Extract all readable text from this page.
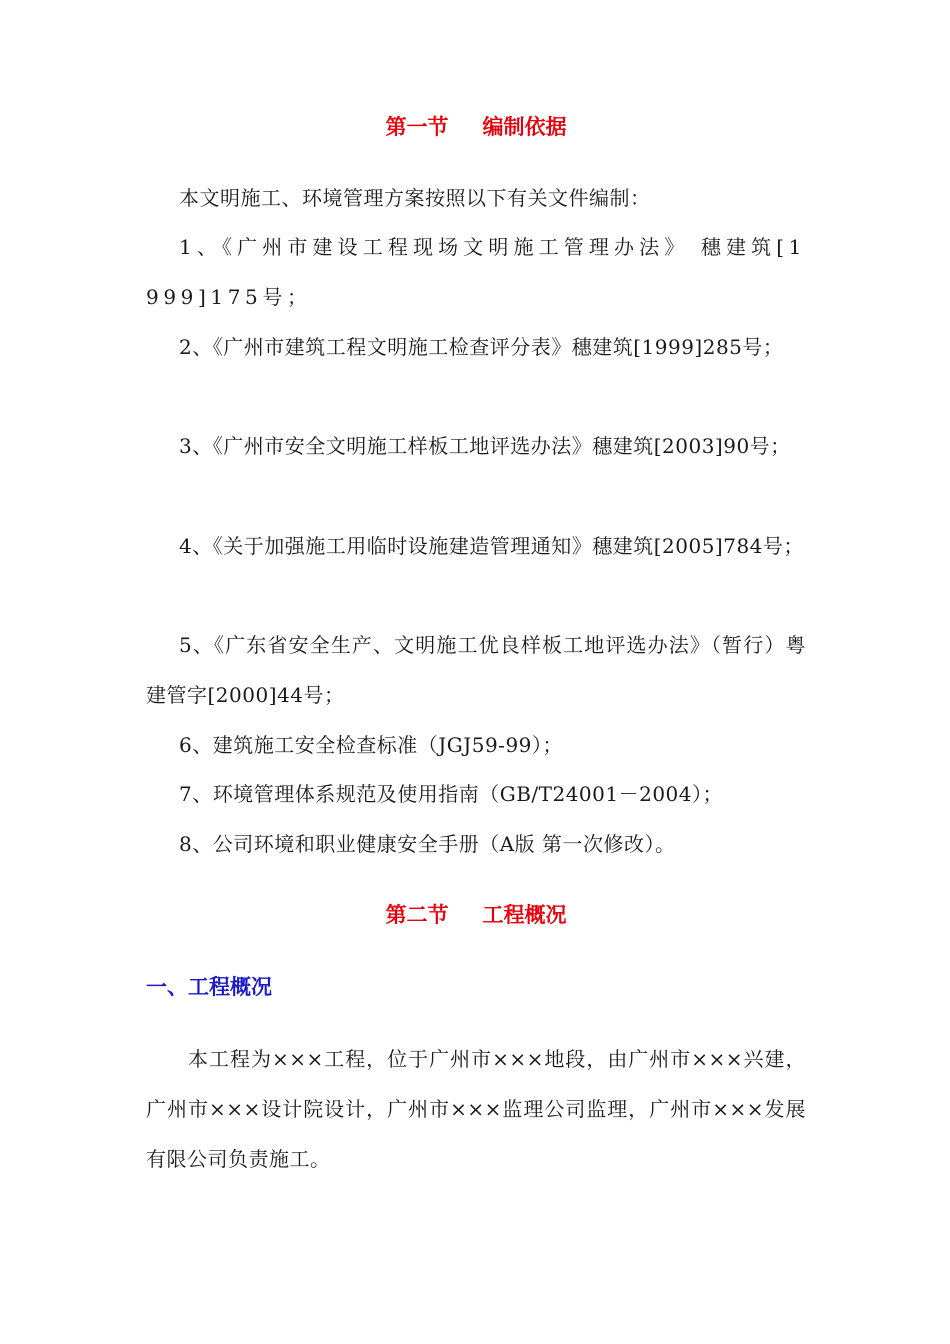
第一节 编制依据
本文明施工、环境管理方案按照以下有关文件编制：
1、《广州市建设工程现场文明施工管理办法》 穗建筑[1999]175号；
2、《广州市建筑工程文明施工检查评分表》穗建筑[1999]285号；
3、《广州市安全文明施工样板工地评选办法》穗建筑[2003]90号；
4、《关于加强施工用临时设施建造管理通知》穗建筑[2005]784号；
5、《广东省安全生产、文明施工优良样板工地评选办法》（暂行）粤建管字[2000]44号；
6、建筑施工安全检查标准（JGJ59-99）；
7、环境管理体系规范及使用指南（GB/T24001－2004）；
8、公司环境和职业健康安全手册（A版 第一次修改）。
第二节 工程概况
一、工程概况
本工程为×××工程，位于广州市×××地段，由广州市×××兴建，广州市×××设计院设计，广州市×××监理公司监理，广州市×××发展有限公司负责施工。
